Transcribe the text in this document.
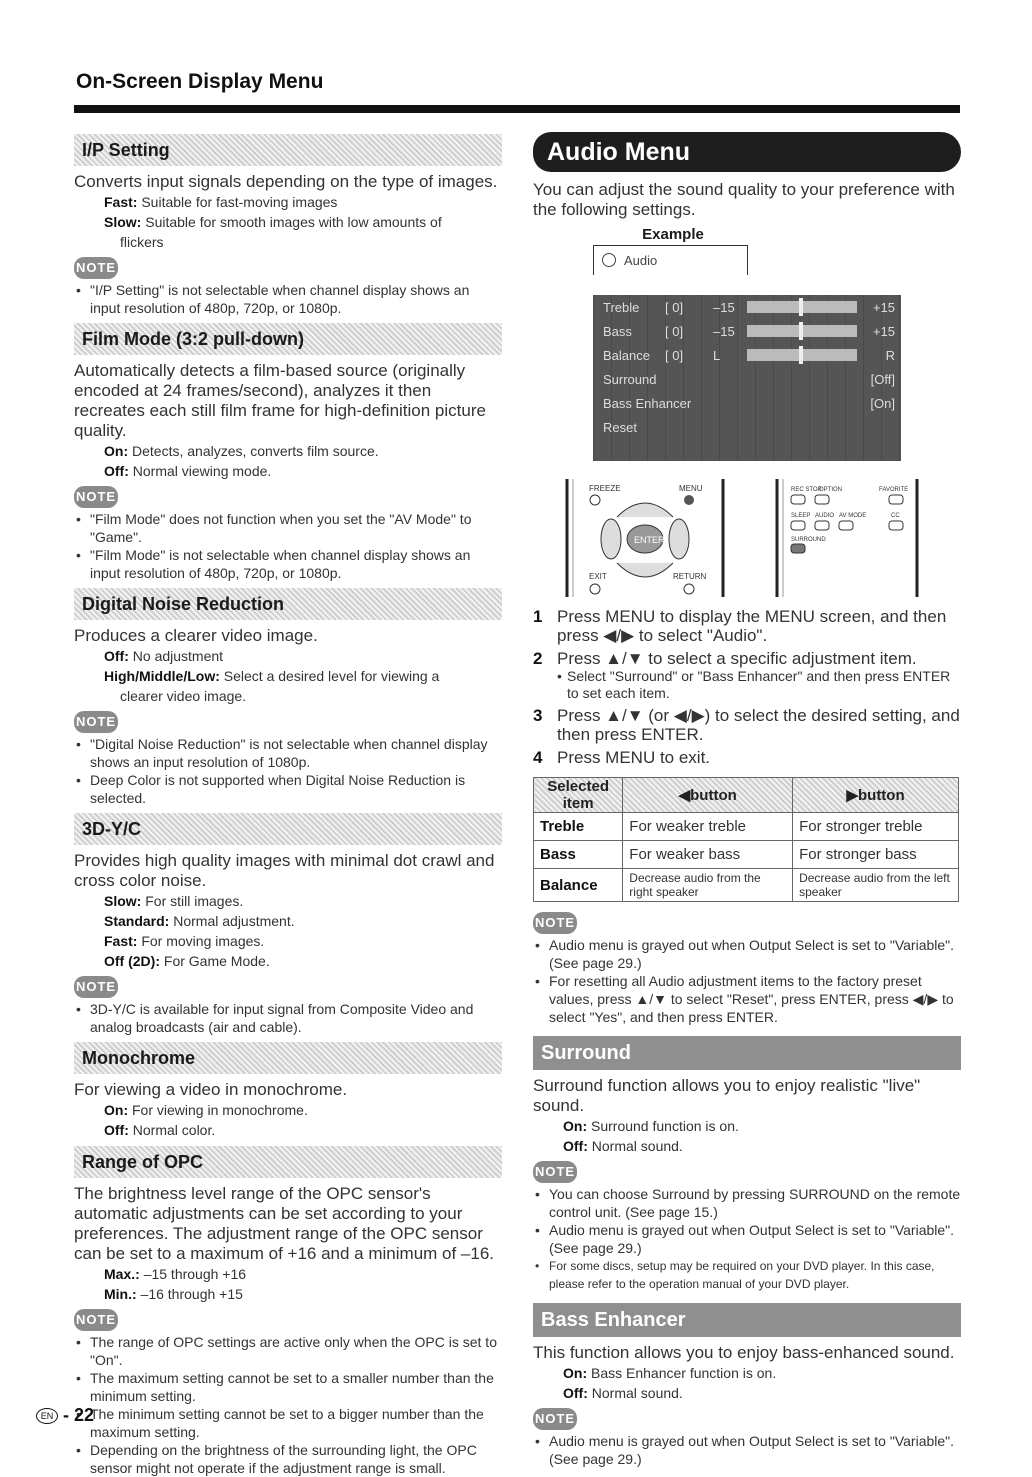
On-Screen Display Menu
I/P Setting
Converts input signals depending on the type of images.
Fast: Suitable for fast-moving images
Slow: Suitable for smooth images with low amounts of
flickers
NOTE
• "I/P Setting" is not selectable when channel display shows an input resolution of 480p, 720p, or 1080p.
Film Mode (3:2 pull-down)
Automatically detects a film-based source (originally encoded at 24 frames/second), analyzes it then recreates each still film frame for high-definition picture quality.
On: Detects, analyzes, converts film source.
Off: Normal viewing mode.
NOTE
• "Film Mode" does not function when you set the "AV Mode" to "Game".
• "Film Mode" is not selectable when channel display shows an input resolution of 480p, 720p, or 1080p.
Digital Noise Reduction
Produces a clearer video image.
Off: No adjustment
High/Middle/Low: Select a desired level for viewing a
clearer video image.
NOTE
• "Digital Noise Reduction" is not selectable when channel display shows an input resolution of 1080p.
• Deep Color is not supported when Digital Noise Reduction is selected.
3D-Y/C
Provides high quality images with minimal dot crawl and cross color noise.
Slow: For still images.
Standard: Normal adjustment.
Fast: For moving images.
Off (2D): For Game Mode.
NOTE
• 3D-Y/C is available for input signal from Composite Video and analog broadcasts (air and cable).
Monochrome
For viewing a video in monochrome.
On: For viewing in monochrome.
Off: Normal color.
Range of OPC
The brightness level range of the OPC sensor's automatic adjustments can be set according to your preferences. The adjustment range of the OPC sensor can be set to a maximum of +16 and a minimum of –16.
Max.: –15 through +16
Min.: –16 through +15
NOTE
• The range of OPC settings are active only when the OPC is set to "On".
• The maximum setting cannot be set to a smaller number than the minimum setting.
• The minimum setting cannot be set to a bigger number than the maximum setting.
• Depending on the brightness of the surrounding light, the OPC sensor might not operate if the adjustment range is small.
Audio Menu
You can adjust the sound quality to your preference with the following settings.
Example
Audio
Treble	[ 0] –15	+15
Bass	[ 0] –15	+15
Balance	[ 0] L	R
Surround	[Off]
Bass Enhancer	[On]
Reset
FREEZE	MENU
ENTER
EXIT	RETURN
REC STOP
OPTION	FAVORITE
SLEEP AUDIO AV MODE	CC
SURROUND
1 Press MENU to display the MENU screen, and then press ◀/▶ to select "Audio".
2 Press ▲/▼ to select a specific adjustment item.
• Select "Surround" or "Bass Enhancer" and then press ENTER to set each item.
3 Press ▲/▼ (or ◀/▶) to select the desired setting, and then press ENTER.
4 Press MENU to exit.
Selected item	◀button	▶button
Treble	For weaker treble	For stronger treble
Bass	For weaker bass	For stronger bass
Balance	Decrease audio from the right speaker	Decrease audio from the left speaker
NOTE
• Audio menu is grayed out when Output Select is set to "Variable". (See page 29.)
• For resetting all Audio adjustment items to the factory preset values, press ▲/▼ to select "Reset", press ENTER, press ◀/▶ to select "Yes", and then press ENTER.
Surround
Surround function allows you to enjoy realistic "live" sound.
On: Surround function is on.
Off: Normal sound.
NOTE
• You can choose Surround by pressing SURROUND on the remote control unit. (See page 15.)
• Audio menu is grayed out when Output Select is set to "Variable". (See page 29.)
• For some discs, setup may be required on your DVD player. In this case, please refer to the operation manual of your DVD player.
Bass Enhancer
This function allows you to enjoy bass-enhanced sound.
On: Bass Enhancer function is on.
Off: Normal sound.
NOTE
• Audio menu is grayed out when Output Select is set to "Variable". (See page 29.)
EN - 22
